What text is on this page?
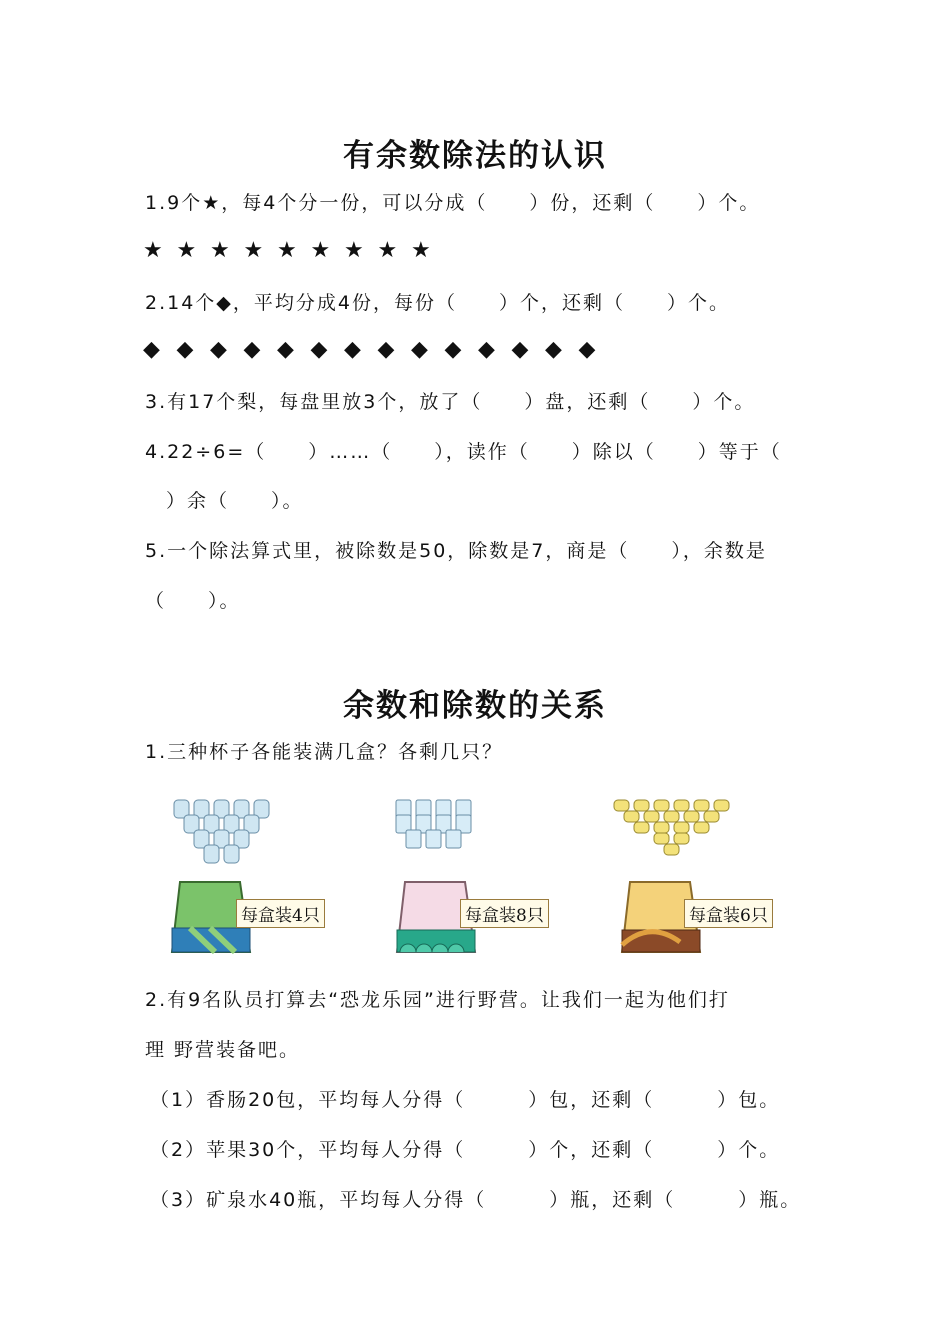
有余数除法的认识

1.9个★，每4个分一份，可以分成（　　）份，还剩（　　）个。

★ ★ ★ ★ ★ ★ ★ ★ ★

2.14个◆，平均分成4份，每份（　　）个，还剩（　　）个。

◆ ◆ ◆ ◆ ◆ ◆ ◆ ◆ ◆ ◆ ◆ ◆ ◆ ◆

3.有17个梨，每盘里放3个，放了（　　）盘，还剩（　　）个。

4.22÷6=（　　）……（　　），读作（　　）除以（　　）等于（

　）余（　　）。

5.一个除法算式里，被除数是50，除数是7，商是（　　），余数是

（　　）。

余数和除数的关系

1.三种杯子各能装满几盒？各剩几只？

每盒装4只	每盒装8只	每盒装6只

2.有9名队员打算去“恐龙乐园”进行野营。让我们一起为他们打

理 野营装备吧。

（1）香肠20包，平均每人分得（　　　）包，还剩（　　　）包。

（2）苹果30个，平均每人分得（　　　）个，还剩（　　　）个。

（3）矿泉水40瓶，平均每人分得（　　　）瓶，还剩（　　　）瓶。
